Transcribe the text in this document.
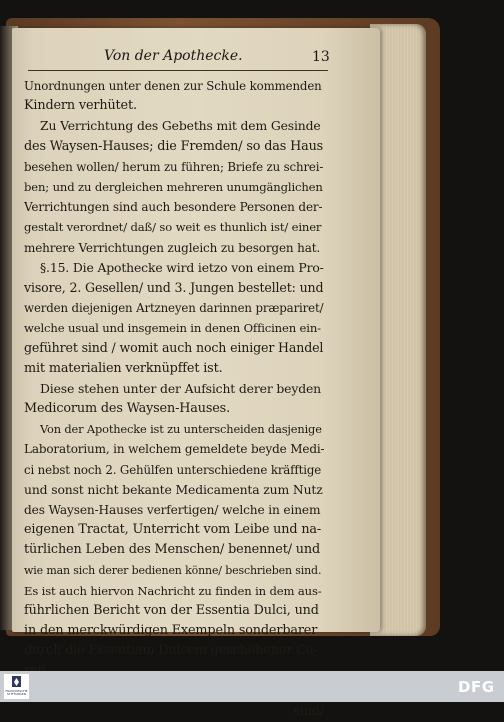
Von der Apothecke.	13
Unordnungen unter denen zur Schule kommenden
Kindern verhütet.
Zu Verrichtung des Gebeths mit dem Gesinde
des Waysen-Hauses; die Fremden/ so das Haus
besehen wollen/ herum zu führen; Briefe zu schrei-
ben; und zu dergleichen mehreren unumgänglichen
Verrichtungen sind auch besondere Personen der-
gestalt verordnet/ daß/ so weit es thunlich ist/ einer
mehrere Verrichtungen zugleich zu besorgen hat.
§.15. Die Apothecke wird ietzo von einem Pro-
visore, 2. Gesellen/ und 3. Jungen bestellet: und
werden diejenigen Artzneyen darinnen præpariret/
welche usual und insgemein in denen Officinen ein-
geführet sind / womit auch noch einiger Handel
mit materialien verknüpffet ist.
Diese stehen unter der Aufsicht derer beyden
Medicorum des Waysen-Hauses.
Von der Apothecke ist zu unterscheiden dasjenige
Laboratorium, in welchem gemeldete beyde Medi-
ci nebst noch 2. Gehülfen unterschiedene kräfftige
und sonst nicht bekante Medicamenta zum Nutz
des Waysen-Hauses verfertigen/ welche in einem
eigenen Tractat, Unterricht vom Leibe und na-
türlichen Leben des Menschen/ benennet/ und
wie man sich derer bedienen könne/ beschrieben sind.
Es ist auch hiervon Nachricht zu finden in dem aus-
führlichen Bericht von der Essentia Dulci, und
in den merckwürdigen Exempeln sonderbarer
durch die Essentiam Dulcem geschehener Cu-
sind/
FRANCKESCHE
STIFTUNGEN	DFG
